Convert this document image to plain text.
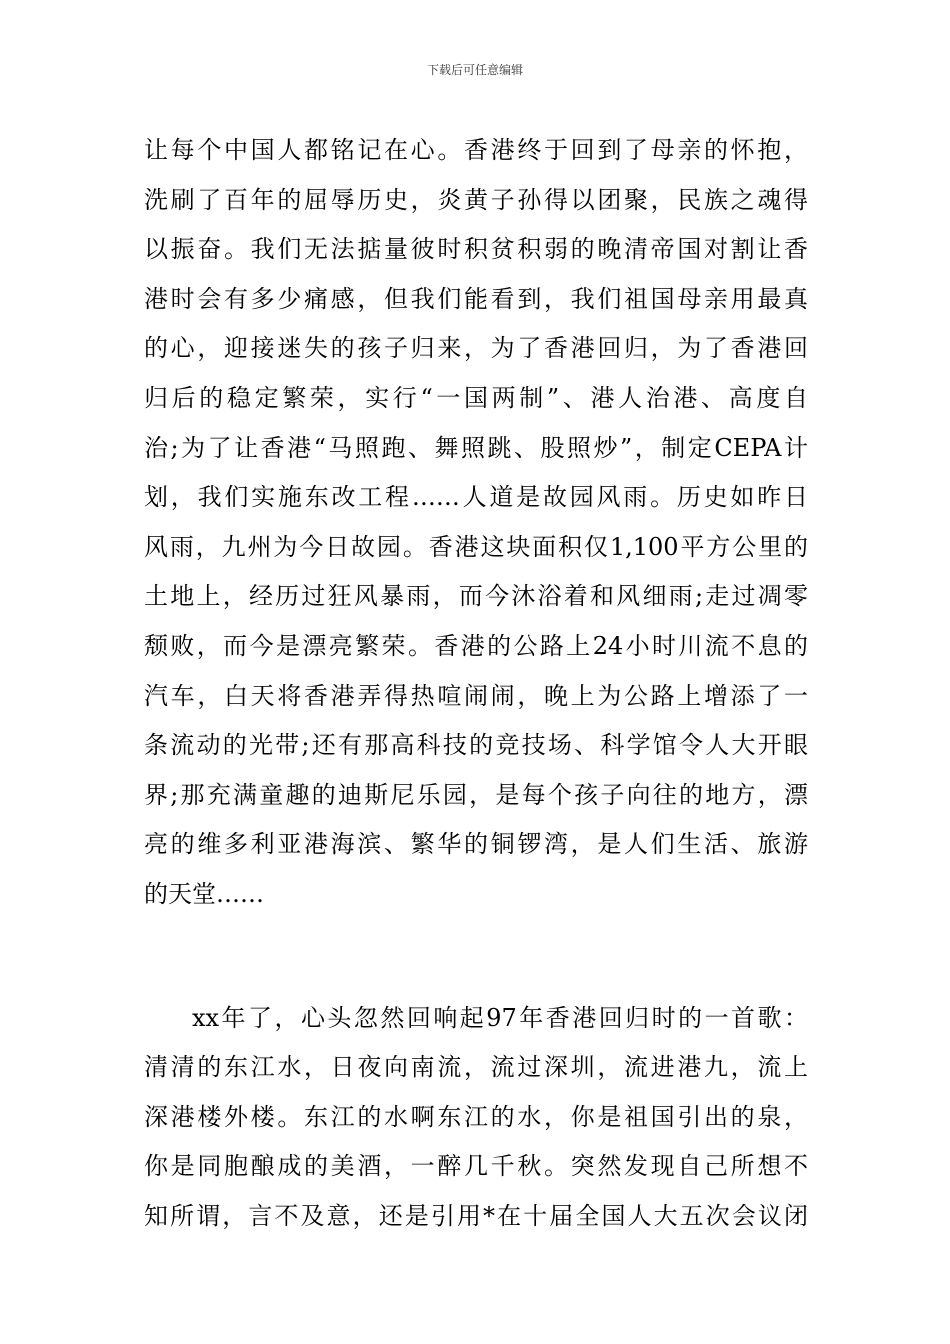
下载后可任意编辑
让每个中国人都铭记在心。香港终于回到了母亲的怀抱，
洗刷了百年的屈辱历史，炎黄子孙得以团聚，民族之魂得
以振奋。我们无法掂量彼时积贫积弱的晚清帝国对割让香
港时会有多少痛感，但我们能看到，我们祖国母亲用最真
的心，迎接迷失的孩子归来，为了香港回归，为了香港回
归后的稳定繁荣，实行“一国两制”、港人治港、高度自
治;为了让香港“马照跑、舞照跳、股照炒”，制定CEPA计
划，我们实施东改工程……人道是故园风雨。历史如昨日
风雨，九州为今日故园。香港这块面积仅1,100平方公里的
土地上，经历过狂风暴雨，而今沐浴着和风细雨;走过凋零
颓败，而今是漂亮繁荣。香港的公路上24小时川流不息的
汽车，白天将香港弄得热喧闹闹，晚上为公路上增添了一
条流动的光带;还有那高科技的竞技场、科学馆令人大开眼
界;那充满童趣的迪斯尼乐园，是每个孩子向往的地方，漂
亮的维多利亚港海滨、繁华的铜锣湾，是人们生活、旅游
的天堂……
xx年了，心头忽然回响起97年香港回归时的一首歌：
清清的东江水，日夜向南流，流过深圳，流进港九，流上
深港楼外楼。东江的水啊东江的水，你是祖国引出的泉，
你是同胞酿成的美酒，一醉几千秋。突然发现自己所想不
知所谓，言不及意，还是引用*在十届全国人大五次会议闭
